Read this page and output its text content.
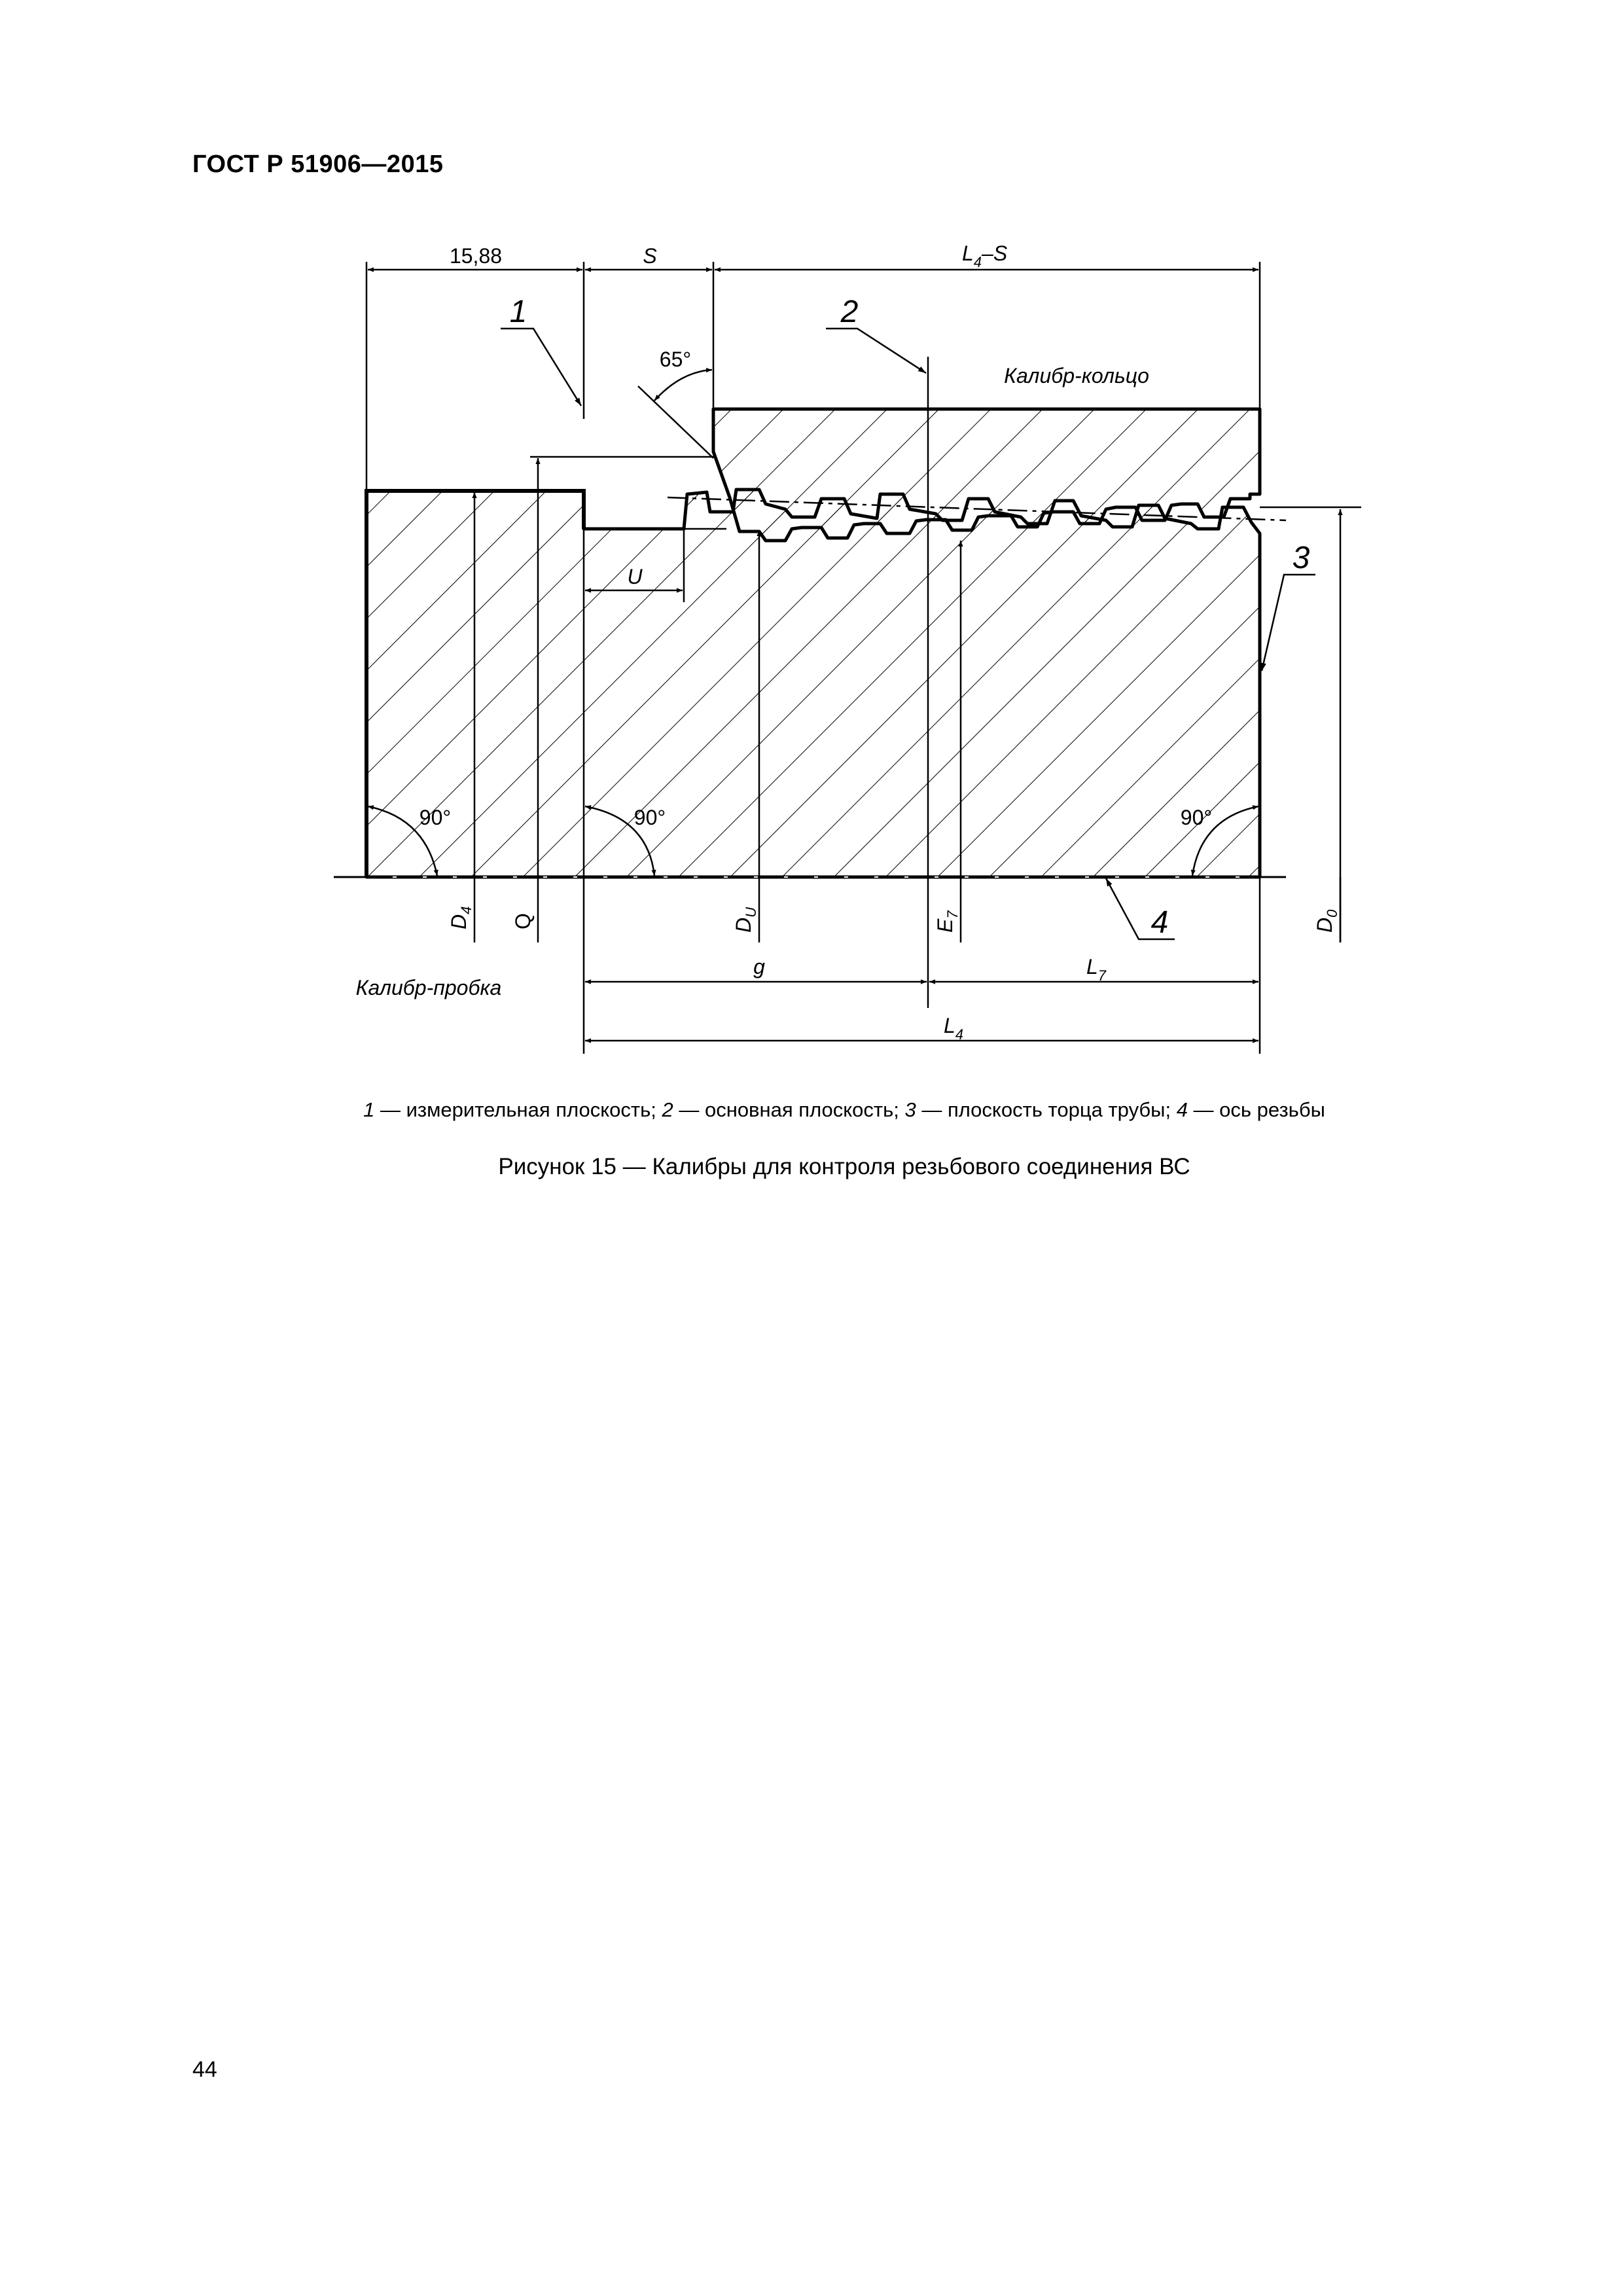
ГОСТ Р 51906—2015
15,88	S	$L_4-S$
U
g	$L_7$
$L_4$
65°
90°	90°	90°
Калибр-кольцо
Калибр-пробка
$D_4$
Q	$D_U$
$E_7$
$D_0$
1	2
3
4
1 — измерительная плоскость; 2 — основная плоскость; 3 — плоскость торца трубы; 4 — ось резьбы
Рисунок 15 — Калибры для контроля резьбового соединения ВС
44
